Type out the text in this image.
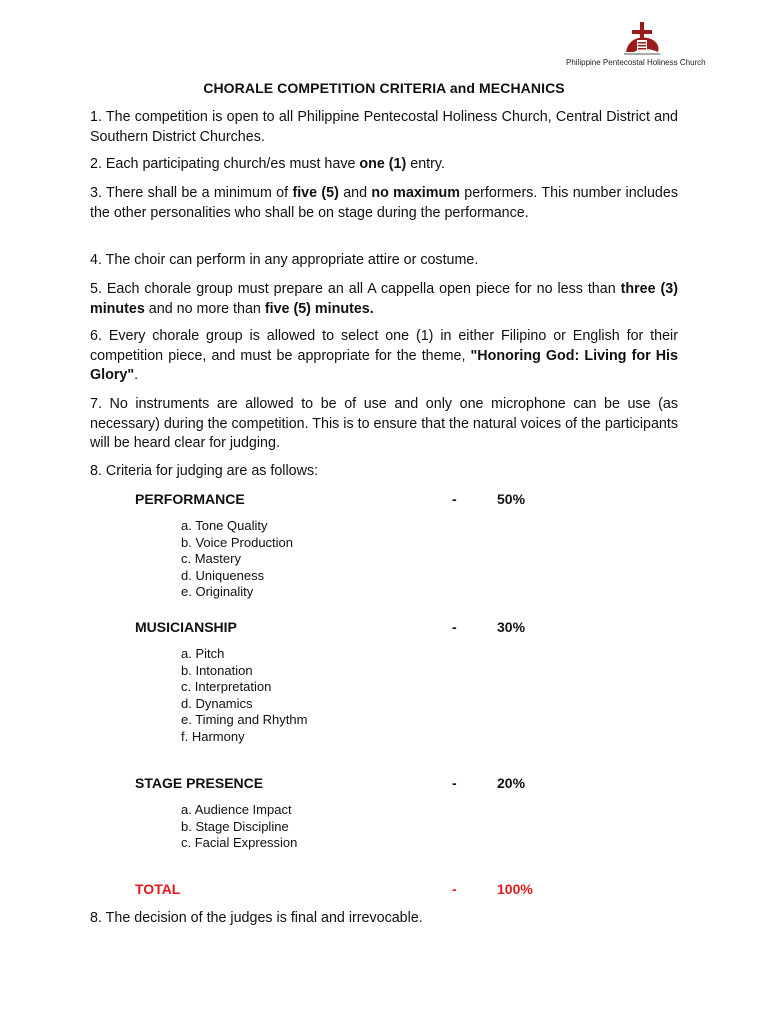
Philippine Pentecostal Holiness Church
CHORALE COMPETITION CRITERIA and MECHANICS
1. The competition is open to all Philippine Pentecostal Holiness Church, Central District and Southern District Churches.
2. Each participating church/es must have one (1) entry.
3. There shall be a minimum of five (5) and no maximum performers. This number includes the other personalities who shall be on stage during the performance.
4. The choir can perform in any appropriate attire or costume.
5. Each chorale group must prepare an all A cappella open piece for no less than three (3) minutes and no more than five (5) minutes.
6. Every chorale group is allowed to select one (1) in either Filipino or English for their competition piece, and must be appropriate for the theme, "Honoring God: Living for His Glory".
7. No instruments are allowed to be of use and only one microphone can be use (as necessary) during the competition. This is to ensure that the natural voices of the participants will be heard clear for judging.
8. Criteria for judging are as follows:
PERFORMANCE	-	50%
a. Tone Quality
b. Voice Production
c. Mastery
d. Uniqueness
e. Originality
MUSICIANSHIP	-	30%
a. Pitch
b. Intonation
c. Interpretation
d. Dynamics
e. Timing and Rhythm
f. Harmony
STAGE PRESENCE	-	20%
a. Audience Impact
b. Stage Discipline
c. Facial Expression
TOTAL	-	100%
8. The decision of the judges is final and irrevocable.
